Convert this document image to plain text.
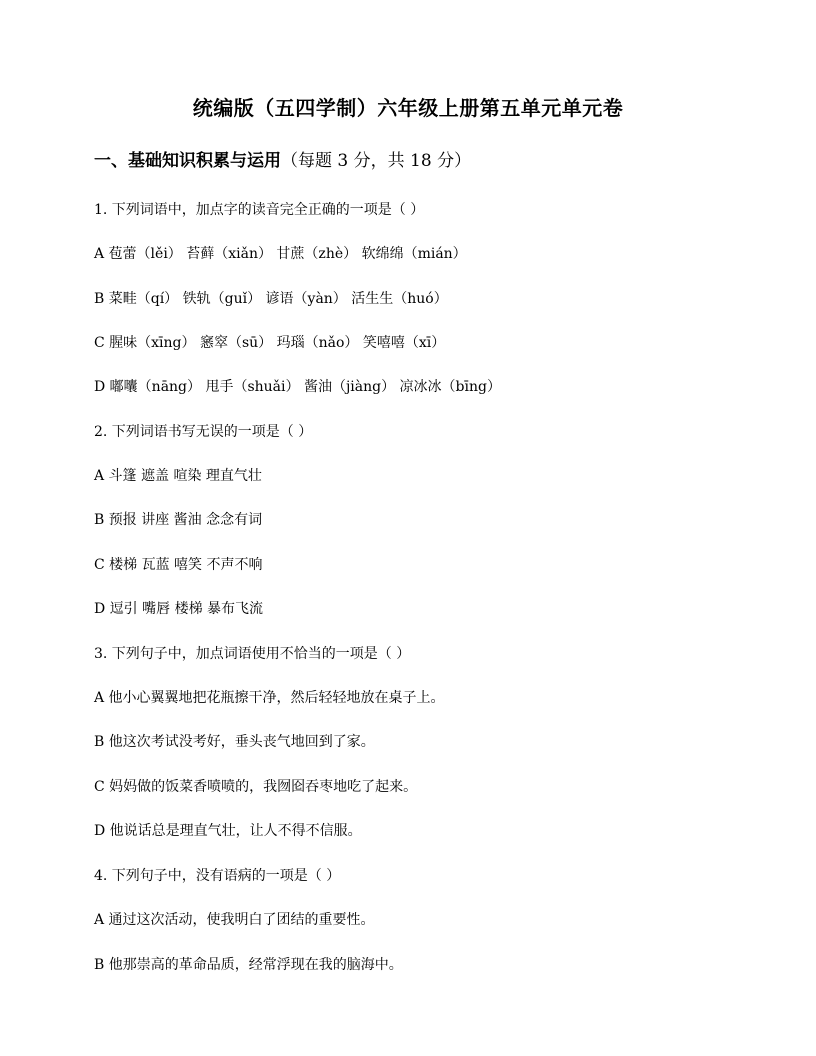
统编版（五四学制）六年级上册第五单元单元卷
一、基础知识积累与运用（每题 3 分，共 18 分）
1. 下列词语中，加点字的读音完全正确的一项是（ ）
A 苞蕾（lěi） 苔藓（xiǎn） 甘蔗（zhè） 软绵绵（mián）
B 菜畦（qí） 铁轨（guǐ） 谚语（yàn） 活生生（huó）
C 腥味（xīng） 窸窣（sū） 玛瑙（nǎo） 笑嘻嘻（xī）
D 嘟囔（nāng） 甩手（shuǎi） 酱油（jiàng） 凉冰冰（bīng）
2. 下列词语书写无误的一项是（ ）
A 斗篷 遮盖 喧染 理直气壮
B 预报 讲座 酱油 念念有词
C 楼梯 瓦蓝 嘻笑 不声不响
D 逗引 嘴唇 楼梯 暴布飞流
3. 下列句子中，加点词语使用不恰当的一项是（ ）
A 他小心翼翼地把花瓶擦干净，然后轻轻地放在桌子上。
B 他这次考试没考好，垂头丧气地回到了家。
C 妈妈做的饭菜香喷喷的，我囫囵吞枣地吃了起来。
D 他说话总是理直气壮，让人不得不信服。
4. 下列句子中，没有语病的一项是（ ）
A 通过这次活动，使我明白了团结的重要性。
B 他那崇高的革命品质，经常浮现在我的脑海中。
